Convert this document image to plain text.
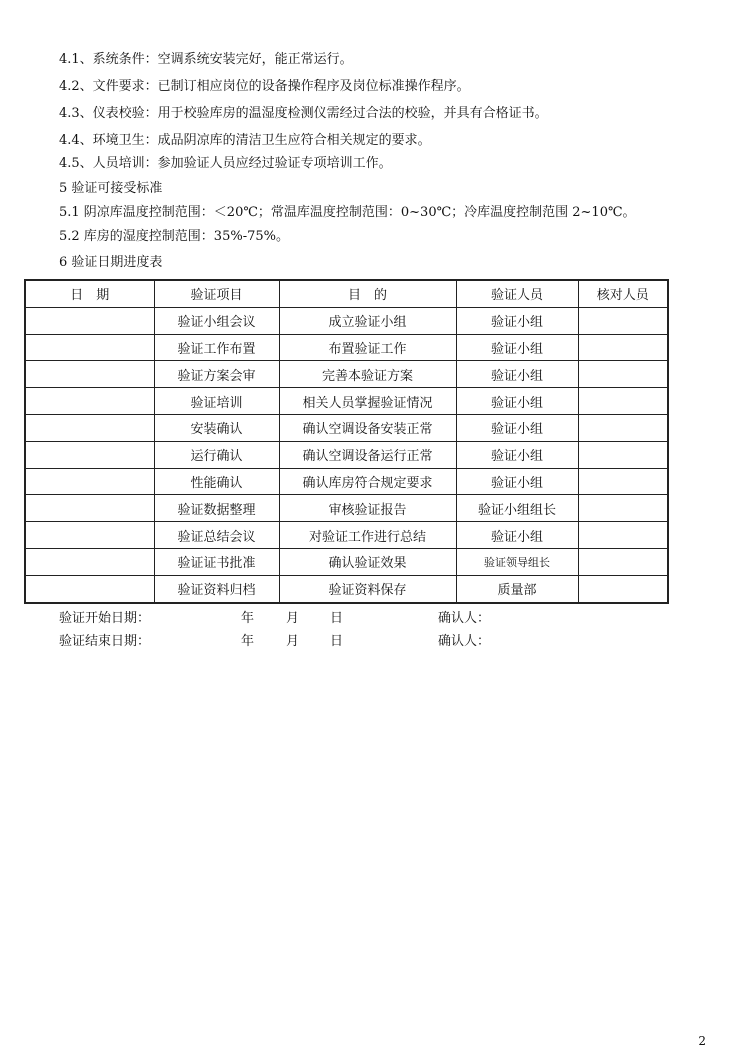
4.1、系统条件：空调系统安装完好，能正常运行。
4.2、文件要求：已制订相应岗位的设备操作程序及岗位标准操作程序。
4.3、仪表校验：用于校验库房的温湿度检测仪需经过合法的校验，并具有合格证书。
4.4、环境卫生：成品阴凉库的清洁卫生应符合相关规定的要求。
4.5、人员培训：参加验证人员应经过验证专项培训工作。
5 验证可接受标准
5.1 阴凉库温度控制范围：＜20℃；常温库温度控制范围：0~30℃；冷库温度控制范围 2~10℃。
5.2 库房的湿度控制范围：35%-75%。
6 验证日期进度表
日　期	验证项目	目　的	验证人员	核对人员
	验证小组会议	成立验证小组	验证小组	
	验证工作布置	布置验证工作	验证小组	
	验证方案会审	完善本验证方案	验证小组	
	验证培训	相关人员掌握验证情况	验证小组	
	安装确认	确认空调设备安装正常	验证小组	
	运行确认	确认空调设备运行正常	验证小组	
	性能确认	确认库房符合规定要求	验证小组	
	验证数据整理	审核验证报告	验证小组组长	
	验证总结会议	对验证工作进行总结	验证小组	
	验证证书批准	确认验证效果	验证领导组长	
	验证资料归档	验证资料保存	质量部	
验证开始日期：	年 月 日	确认人：
验证结束日期：	年 月 日	确认人：
2
